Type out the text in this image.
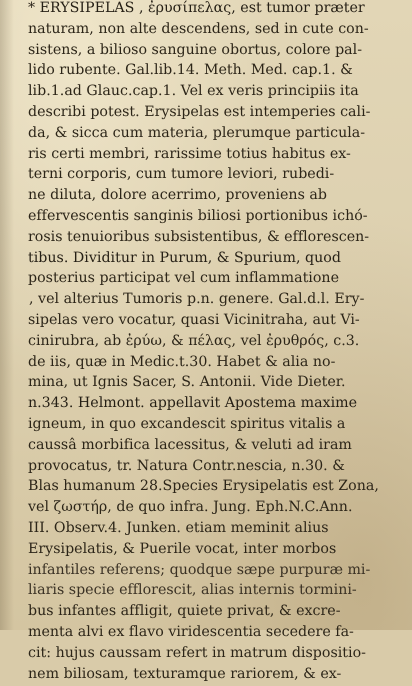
* ERYSIPELAS , ἐρυσίπελας, est tumor præter
naturam, non alte descendens, sed in cute con-
sistens, a bilioso sanguine obortus, colore pal-
lido rubente. Gal.lib.14. Meth. Med. cap.1. &
lib.1.ad Glauc.cap.1. Vel ex veris principiis ita
describi potest. Erysipelas est intemperies cali-
da, & sicca cum materia, plerumque particula-
ris certi membri, rarissime totius habitus ex-
terni corporis, cum tumore leviori, rubedi-
ne diluta, dolore acerrimo, proveniens ab
effervescentis sanginis biliosi portionibus ichó-
rosis tenuioribus subsistentibus, & efflorescen-
tibus. Dividitur in Purum, & Spurium, quod
posterius participat vel cum inflammatione
, vel alterius Tumoris p.n. genere. Gal.d.l. Ery-
sipelas vero vocatur, quasi Vicinitraha, aut Vi-
cinirubra, ab ἐρύω, & πέλας, vel ἐρυθρός, c.3.
de iis, quæ in Medic.t.30. Habet & alia no-
mina, ut Ignis Sacer, S. Antonii. Vide Dieter.
n.343. Helmont. appellavit Apostema maxime
igneum, in quo excandescit spiritus vitalis a
caussâ morbifica lacessitus, & veluti ad iram
provocatus, tr. Natura Contr.nescia, n.30. &
Blas humanum 28.Species Erysipelatis est Zona,
vel ζωστήρ, de quo infra. Jung. Eph.N.C.Ann.
III. Observ.4. Junken. etiam meminit alius
Erysipelatis, & Puerile vocat, inter morbos
infantiles referens; quodque sæpe purpuræ mi-
liaris specie efflorescit, alias internis tormini-
bus infantes affligit, quiete privat, & excre-
menta alvi ex flavo viridescentia secedere fa-
cit: hujus caussam refert in matrum dispositio-
nem biliosam, texturamque rariorem, & ex-
